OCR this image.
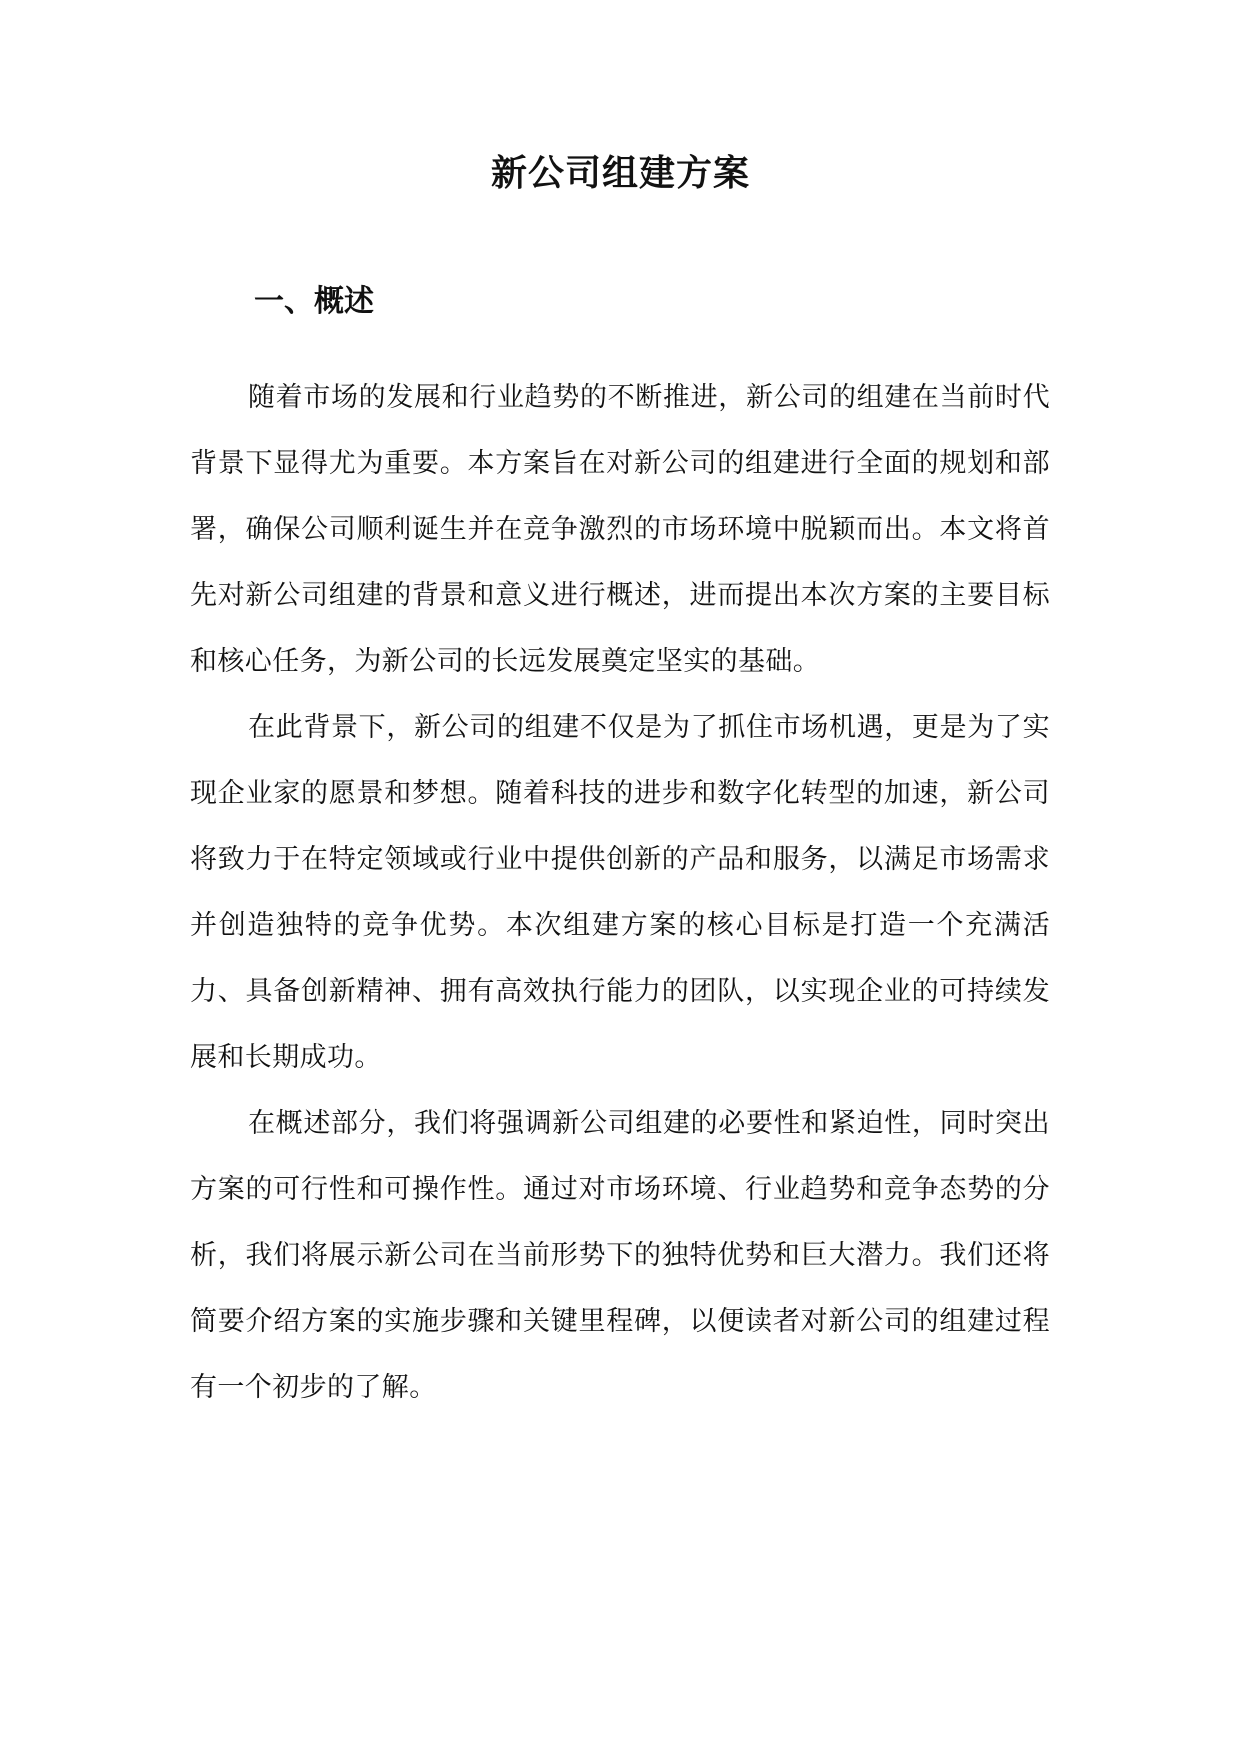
新公司组建方案
一、概述

随着市场的发展和行业趋势的不断推进，新公司的组建在当前时代背景下显得尤为重要。本方案旨在对新公司的组建进行全面的规划和部署，确保公司顺利诞生并在竞争激烈的市场环境中脱颖而出。本文将首先对新公司组建的背景和意义进行概述，进而提出本次方案的主要目标和核心任务，为新公司的长远发展奠定坚实的基础。

在此背景下，新公司的组建不仅是为了抓住市场机遇，更是为了实现企业家的愿景和梦想。随着科技的进步和数字化转型的加速，新公司将致力于在特定领域或行业中提供创新的产品和服务，以满足市场需求并创造独特的竞争优势。本次组建方案的核心目标是打造一个充满活力、具备创新精神、拥有高效执行能力的团队，以实现企业的可持续发展和长期成功。

在概述部分，我们将强调新公司组建的必要性和紧迫性，同时突出方案的可行性和可操作性。通过对市场环境、行业趋势和竞争态势的分析，我们将展示新公司在当前形势下的独特优势和巨大潜力。我们还将简要介绍方案的实施步骤和关键里程碑，以便读者对新公司的组建过程有一个初步的了解。
